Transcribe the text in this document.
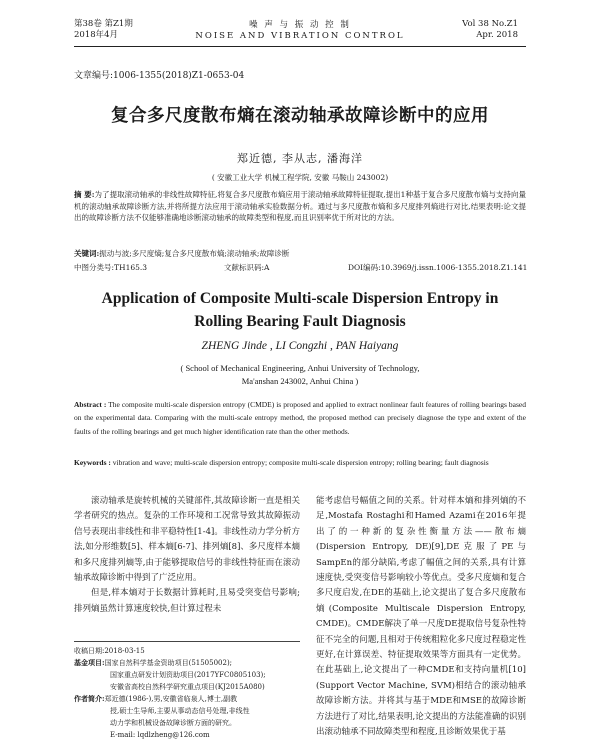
第38卷 第Z1期
2018年4月
噪 声 与 振 动 控 制
NOISE AND VIBRATION CONTROL
Vol 38 No.Z1
Apr. 2018
文章编号:1006-1355(2018)Z1-0653-04
复合多尺度散布熵在滚动轴承故障诊断中的应用
郑近德, 李从志, 潘海洋
( 安徽工业大学 机械工程学院, 安徽 马鞍山 243002)
摘 要:为了提取滚动轴承的非线性故障特征,将复合多尺度散布熵应用于滚动轴承故障特征提取,提出1种基于复合多尺度散布熵与支持向量机的滚动轴承故障诊断方法,并将所提方法应用于滚动轴承实验数据分析。通过与多尺度散布熵和多尺度排列熵进行对比,结果表明:论文提出的故障诊断方法不仅能够准确地诊断滚动轴承的故障类型和程度,而且识别率优于所对比的方法。
关键词:振动与波;多尺度熵;复合多尺度散布熵;滚动轴承;故障诊断
中图分类号:TH165.3	文献标识码:A	DOI编码:10.3969/j.issn.1006-1355.2018.Z1.141
Application of Composite Multi-scale Dispersion Entropy in
Rolling Bearing Fault Diagnosis
ZHENG Jinde , LI Congzhi , PAN Haiyang
( School of Mechanical Engineering, Anhui University of Technology,
Ma'anshan 243002, Anhui China )
Abstract : The composite multi-scale dispersion entropy (CMDE) is proposed and applied to extract nonlinear fault features of rolling bearings based on the experimental data. Comparing with the multi-scale entropy method, the proposed method can precisely diagnose the type and extent of the faults of the rolling bearings and get much higher identification rate than the other methods.
Keywords : vibration and wave; multi-scale dispersion entropy; composite multi-scale dispersion entropy; rolling bearing; fault diagnosis

滚动轴承是旋转机械的关键部件,其故障诊断一直是相关学者研究的热点。复杂的工作环境和工况常导致其故障振动信号表现出非线性和非平稳特性[1-4]。非线性动力学分析方法,如分形维数[5]、样本熵[6-7]、排列熵[8]、多尺度样本熵和多尺度排列熵等,由于能够提取信号的非线性特征而在滚动轴承故障诊断中得到了广泛应用。

但是,样本熵对于长数据计算耗时,且易受突变信号影响;排列熵虽然计算速度较快,但计算过程未

能考虑信号幅值之间的关系。针对样本熵和排列熵的不足,Mostafa Rostaghi和Hamed Azami在2016年提出了的一种新的复杂性衡量方法——散布熵(Dispersion Entropy, DE)[9],DE克服了PE与SampEn的部分缺陷,考虑了幅值之间的关系,具有计算速度快,受突变信号影响较小等优点。受多尺度熵和复合多尺度启发,在DE的基础上,论文提出了复合多尺度散布熵(Composite Multiscale Dispersion Entropy, CMDE)。CMDE解决了单一尺度DE提取信号复杂性特征不完全的问题,且相对于传统粗粒化多尺度过程稳定性更好,在计算误差、特征提取效果等方面具有一定优势。在此基础上,论文提出了一种CMDE和支持向量机[10](Support Vector Machine, SVM)相结合的滚动轴承故障诊断方法。并将其与基于MDE和MSE的故障诊断方法进行了对比,结果表明,论文提出的方法能准确的识别出滚动轴承不同故障类型和程度,且诊断效果优于基

收稿日期:2018-03-15
基金项目:国家自然科学基金资助项目(51505002);
国家重点研发计划资助项目(2017YFC0805103);
安徽省高校自然科学研究重点项目(KJ2015A080)
作者简介:郑近德(1986-),男,安徽省临泉人,博士,副教
授,硕士生导师,主要从事动态信号处理,非线性
动力学和机械设备故障诊断方面的研究。
E-mail: lqdlzheng@126.com
